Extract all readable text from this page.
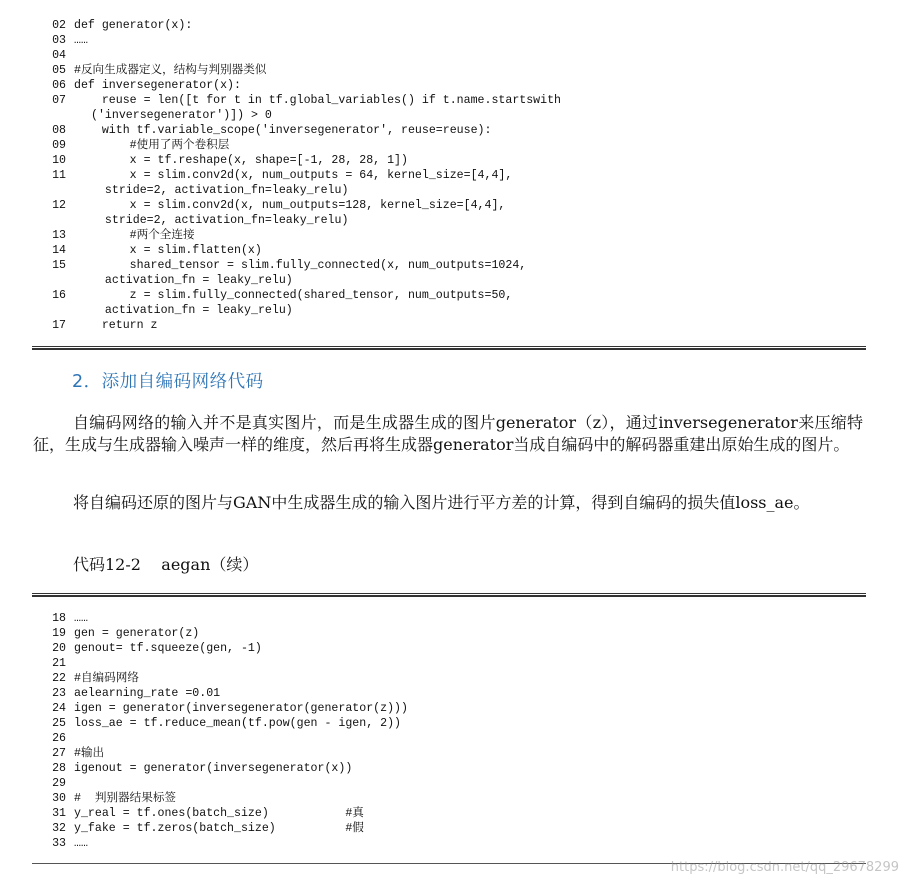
02 def generator(x):
03 ……
04
05 #反向生成器定义，结构与判别器类似
06 def inversegenerator(x):
07    reuse = len([t for t in tf.global_variables() if t.name.startswith
('inversegenerator')]) > 0
08    with tf.variable_scope('inversegenerator', reuse=reuse):
09        #使用了两个卷积层
10        x = tf.reshape(x, shape=[-1, 28, 28, 1])
11        x = slim.conv2d(x, num_outputs = 64, kernel_size=[4,4],
stride=2, activation_fn=leaky_relu)
12        x = slim.conv2d(x, num_outputs=128, kernel_size=[4,4],
stride=2, activation_fn=leaky_relu)
13        #两个全连接
14        x = slim.flatten(x)
15        shared_tensor = slim.fully_connected(x, num_outputs=1024,
activation_fn = leaky_relu)
16        z = slim.fully_connected(shared_tensor, num_outputs=50,
activation_fn = leaky_relu)
17    return z
2．添加自编码网络代码
自编码网络的输入并不是真实图片，而是生成器生成的图片generator（z），通过inversegenerator来压缩特征，生成与生成器输入噪声一样的维度，然后再将生成器generator当成自编码中的解码器重建出原始生成的图片。
将自编码还原的图片与GAN中生成器生成的输入图片进行平方差的计算，得到自编码的损失值loss_ae。
代码12-2    aegan（续）
18 ……
19 gen = generator(z)
20 genout= tf.squeeze(gen, -1)
21
22 #自编码网络
23 aelearning_rate =0.01
24 igen = generator(inversegenerator(generator(z)))
25 loss_ae = tf.reduce_mean(tf.pow(gen - igen, 2))
26
27 #输出
28 igenout = generator(inversegenerator(x))
29
30 #  判别器结果标签
31 y_real = tf.ones(batch_size)           #真
32 y_fake = tf.zeros(batch_size)          #假
33 ……
https://blog.csdn.net/qq_29678299
